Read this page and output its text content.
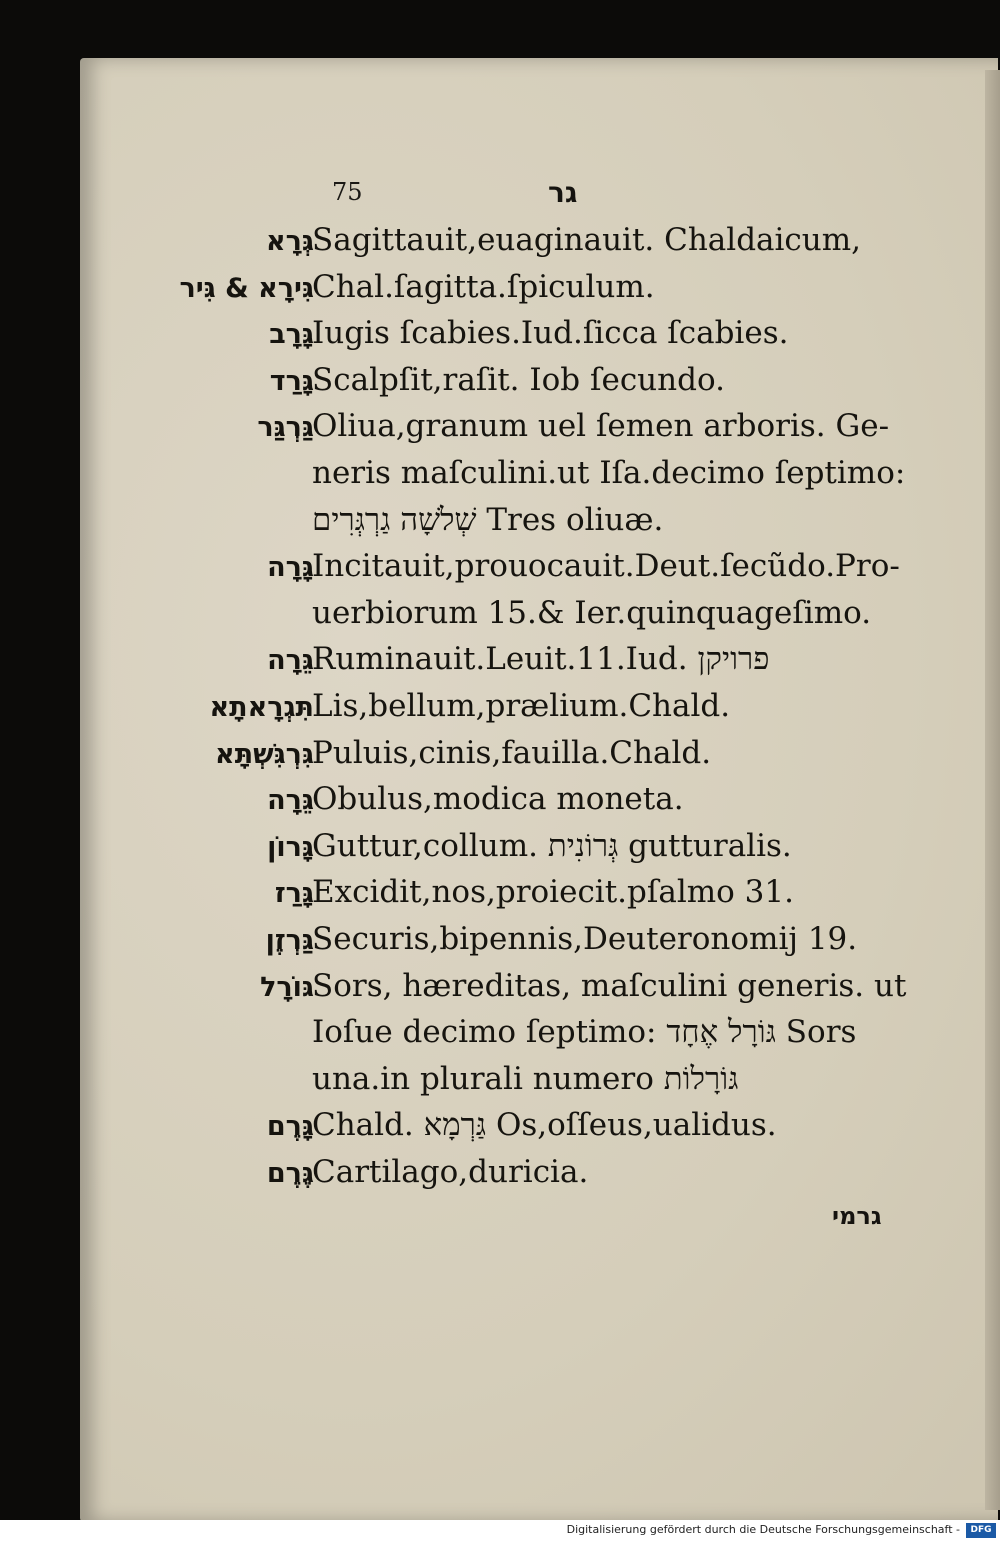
75	גר
גְּרָא
Sagittauit,euaginauit. Chaldaicum,
גִּירָא & גִּיר
Chal.ſagitta.ſpiculum.
גָּרָב
Iugis ſcabies.Iud.ſicca ſcabies.
גָּרַד
Scalpſit,raſit. Iob ſecundo.
גַּרְגַּר
Oliua,granum uel ſemen arboris. Ge-
neris maſculini.ut Iſa.decimo ſeptimo:
שְׁלֹשָׁה גַרְגְּרִים Tres oliuæ.
גָּרָה
Incitauit,prouocauit.Deut.ſecũdo.Pro-
uerbiorum 15.& Ier.quinquageſimo.
גֵּרָה
Ruminauit.Leuit.11.Iud. פרויקן
תִּגְרָאתָא
Lis,bellum,prælium.Chald.
גִּרְגִּשְׁתָּא
Puluis,cinis,fauilla.Chald.
גֵּרָה
Obulus,modica moneta.
גָּרוֹן
Guttur,collum. גְּרוֹנִית gutturalis.
גָּרַז
Excidit,nos,proiecit.pſalmo 31.
גַּרְזֶן
Securis,bipennis,Deuteronomij 19.
גּוֹרָל
Sors, hæreditas, maſculini generis. ut
Ioſue decimo ſeptimo: גּוֹרָל אֶחָד Sors
una.in plurali numero גּוֹרָלוֹת
גָּרֶם
Chald. גַּרְמָא Os,oſſeus,ualidus.
גֶּרֶם
Cartilago,duricia.
גרמי
Digitalisierung gefördert durch die Deutsche Forschungsgemeinschaft -	DFG
